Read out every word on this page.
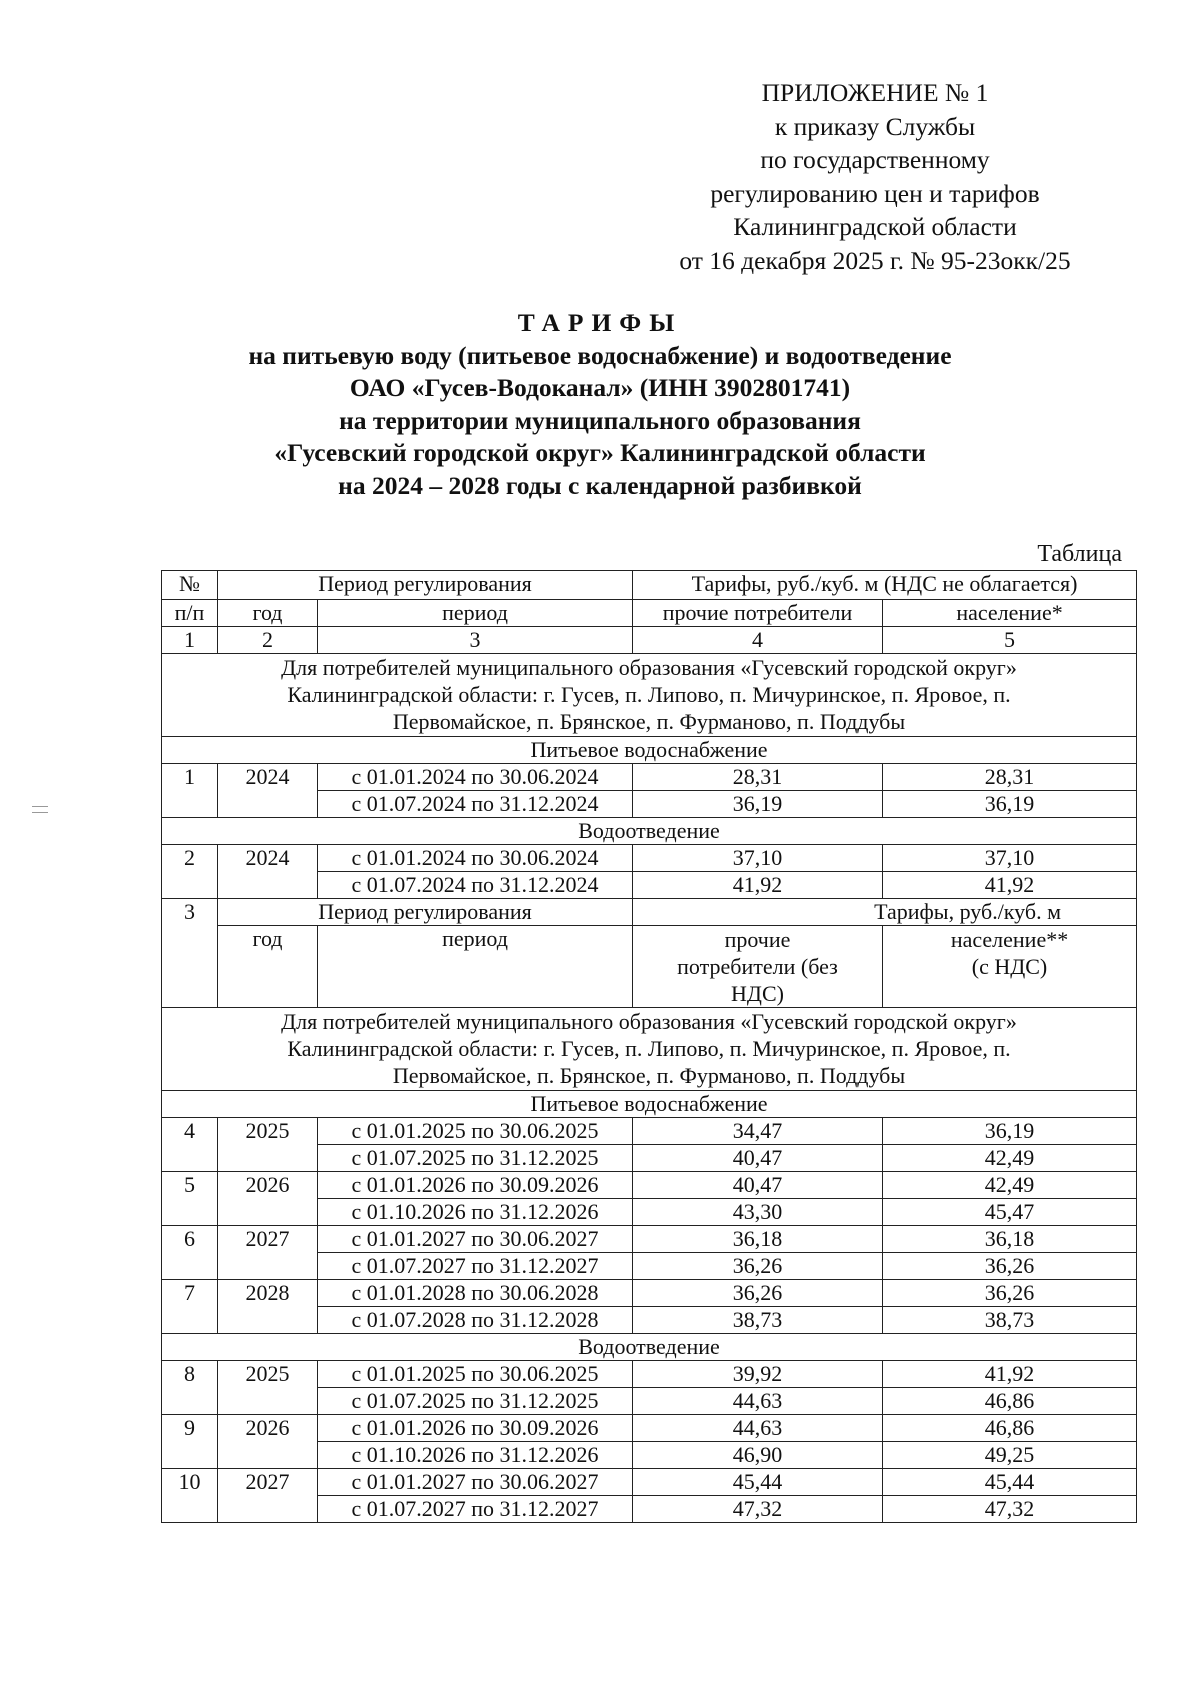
ПРИЛОЖЕНИЕ № 1
к приказу Службы
по государственному
регулированию цен и тарифов
Калининградской области
от 16 декабря 2025 г. № 95-23окк/25
ТАРИФЫ
на питьевую воду (питьевое водоснабжение) и водоотведение
ОАО «Гусев-Водоканал» (ИНН 3902801741)
на территории муниципального образования
«Гусевский городской округ» Калининградской области
на 2024 – 2028 годы с календарной разбивкой
Таблица
№	Период регулирования		Тарифы, руб./куб. м (НДС не облагается)	
п/п	год	период	прочие потребители	население*
1	2	3	4	5
Для потребителей муниципального образования «Гусевский городской округ» Калининградской области: г. Гусев, п. Липово, п. Мичуринское, п. Яровое, п. Первомайское, п. Брянское, п. Фурманово, п. Поддубы				
Питьевое водоснабжение				
1	2024	с 01.01.2024 по 30.06.2024	28,31	28,31
		с 01.07.2024 по 31.12.2024	36,19	36,19
Водоотведение				
2	2024	с 01.01.2024 по 30.06.2024	37,10	37,10
		с 01.07.2024 по 31.12.2024	41,92	41,92
3	Период регулирования		Тарифы, руб./куб. м	
	год	период	прочие потребители (без НДС)	население** (с НДС)
Для потребителей муниципального образования «Гусевский городской округ» Калининградской области: г. Гусев, п. Липово, п. Мичуринское, п. Яровое, п. Первомайское, п. Брянское, п. Фурманово, п. Поддубы				
Питьевое водоснабжение				
4	2025	с 01.01.2025 по 30.06.2025	34,47	36,19
		с 01.07.2025 по 31.12.2025	40,47	42,49
5	2026	с 01.01.2026 по 30.09.2026	40,47	42,49
		с 01.10.2026 по 31.12.2026	43,30	45,47
6	2027	с 01.01.2027 по 30.06.2027	36,18	36,18
		с 01.07.2027 по 31.12.2027	36,26	36,26
7	2028	с 01.01.2028 по 30.06.2028	36,26	36,26
		с 01.07.2028 по 31.12.2028	38,73	38,73
Водоотведение				
8	2025	с 01.01.2025 по 30.06.2025	39,92	41,92
		с 01.07.2025 по 31.12.2025	44,63	46,86
9	2026	с 01.01.2026 по 30.09.2026	44,63	46,86
		с 01.10.2026 по 31.12.2026	46,90	49,25
10	2027	с 01.01.2027 по 30.06.2027	45,44	45,44
		с 01.07.2027 по 31.12.2027	47,32	47,32
